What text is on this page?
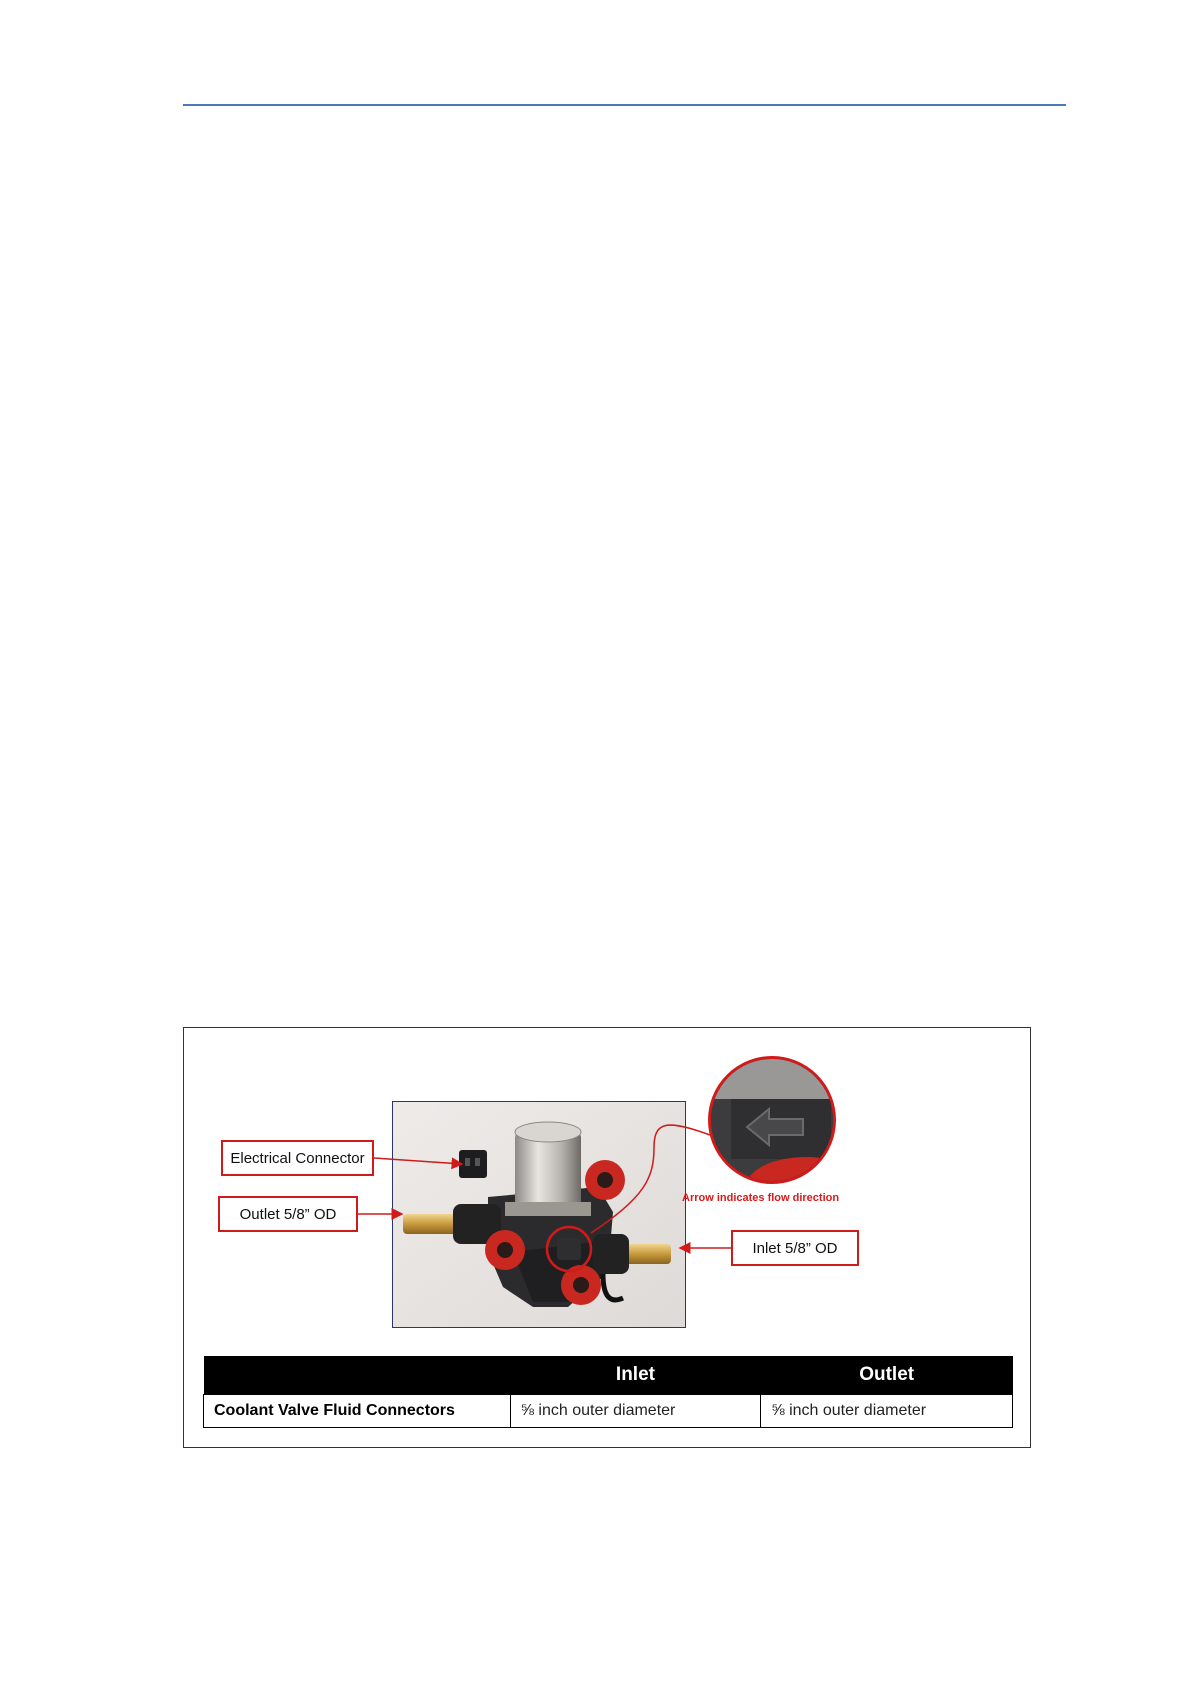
Arrow indicates flow direction
Electrical Connector
Outlet 5/8” OD
Inlet 5/8” OD
	Inlet	Outlet
Coolant Valve Fluid Connectors	⅝ inch outer diameter	⅝ inch outer diameter
